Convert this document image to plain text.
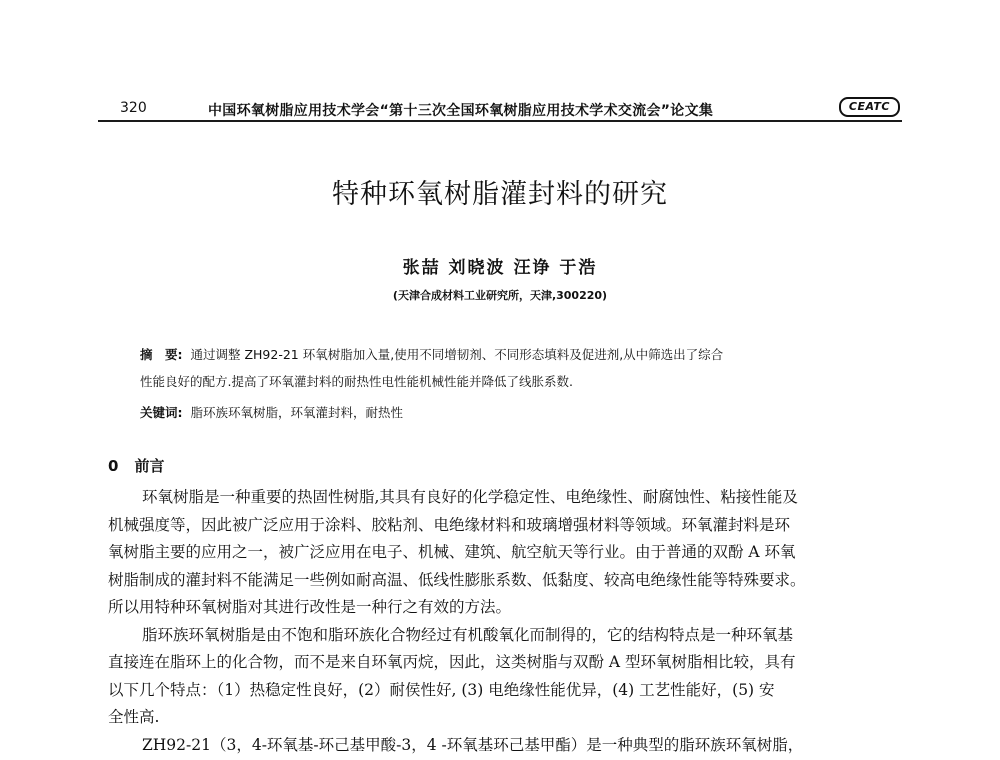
320	中国环氧树脂应用技术学会“第十三次全国环氧树脂应用技术学术交流会”论文集	CEATC
特种环氧树脂灌封料的研究
张喆 刘晓波 汪诤 于浩
(天津合成材料工业研究所，天津,300220)
摘　要: 通过调整 ZH92-21 环氧树脂加入量,使用不同增韧剂、不同形态填料及促进剂,从中筛选出了综合
性能良好的配方.提高了环氧灌封料的耐热性电性能机械性能并降低了线胀系数.
关键词: 脂环族环氧树脂，环氧灌封料，耐热性
0 前言
环氧树脂是一种重要的热固性树脂,其具有良好的化学稳定性、电绝缘性、耐腐蚀性、粘接性能及
机械强度等，因此被广泛应用于涂料、胶粘剂、电绝缘材料和玻璃增强材料等领域。环氧灌封料是环
氧树脂主要的应用之一，被广泛应用在电子、机械、建筑、航空航天等行业。由于普通的双酚 A 环氧
树脂制成的灌封料不能满足一些例如耐高温、低线性膨胀系数、低黏度、较高电绝缘性能等特殊要求。
所以用特种环氧树脂对其进行改性是一种行之有效的方法。
脂环族环氧树脂是由不饱和脂环族化合物经过有机酸氧化而制得的，它的结构特点是一种环氧基
直接连在脂环上的化合物，而不是来自环氧丙烷，因此，这类树脂与双酚 A 型环氧树脂相比较，具有
以下几个特点：（1）热稳定性良好，(2）耐侯性好, (3) 电绝缘性能优异，(4) 工艺性能好，(5) 安
全性高.
ZH92-21（3，4-环氧基-环己基甲酸-3，4 -环氧基环己基甲酯）是一种典型的脂环族环氧树脂，
